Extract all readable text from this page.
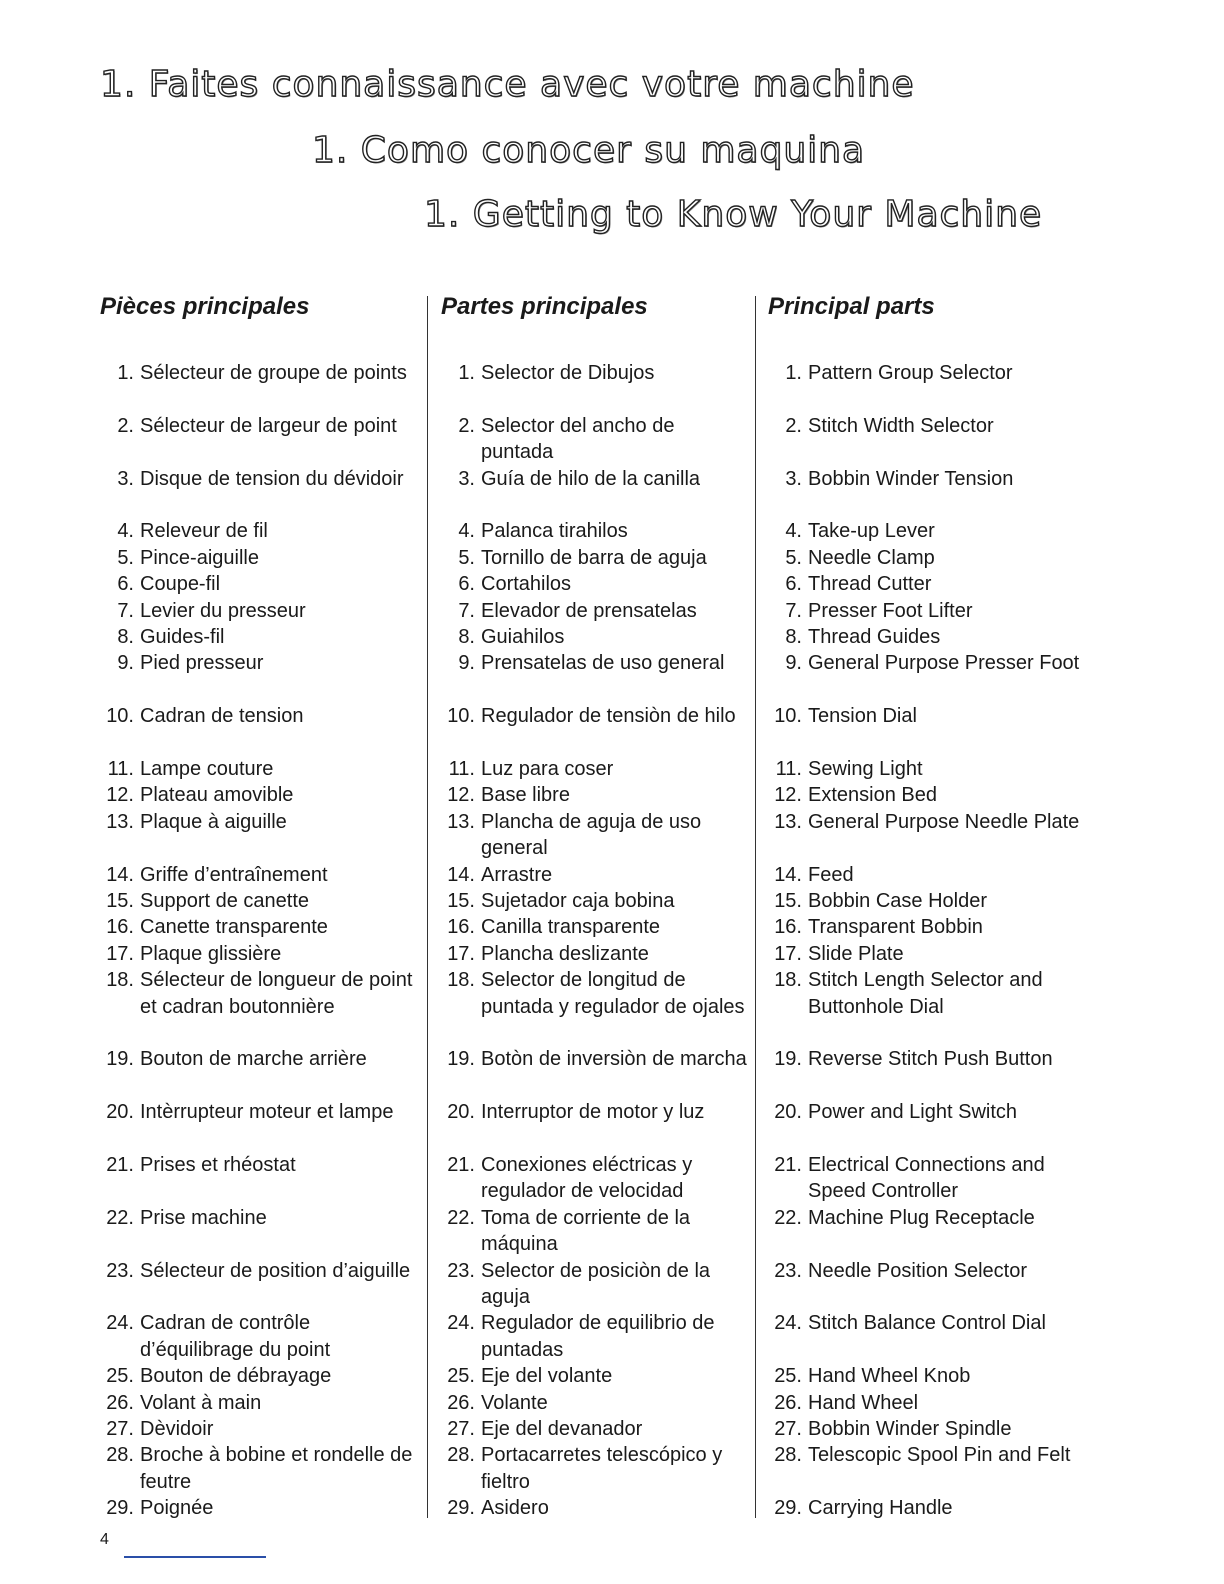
1. Faites connaissance avec votre machine
1. Como conocer su maquina
1. Getting to Know Your Machine
Pièces principales
1. Sélecteur de groupe de points
2. Sélecteur de largeur de point
3. Disque de tension du dévidoir
4. Releveur de fil
5. Pince-aiguille
6. Coupe-fil
7. Levier du presseur
8. Guides-fil
9. Pied presseur
10. Cadran de tension
11. Lampe couture
12. Plateau amovible
13. Plaque à aiguille
14. Griffe d’entraînement
15. Support de canette
16. Canette transparente
17. Plaque glissière
18. Sélecteur de longueur de point et cadran boutonnière
19. Bouton de marche arrière
20. Intèrrupteur moteur et lampe
21. Prises et rhéostat
22. Prise machine
23. Sélecteur de position d’aiguille
24. Cadran de contrôle d’équilibrage du point
25. Bouton de débrayage
26. Volant à main
27. Dèvidoir
28. Broche à bobine et rondelle de feutre
29. Poignée
Partes principales
1. Selector de Dibujos
2. Selector del ancho de puntada
3. Guía de hilo de la canilla
4. Palanca tirahilos
5. Tornillo de barra de aguja
6. Cortahilos
7. Elevador de prensatelas
8. Guiahilos
9. Prensatelas de uso general
10. Regulador de tensiòn de hilo
11. Luz para coser
12. Base libre
13. Plancha de aguja de uso general
14. Arrastre
15. Sujetador caja bobina
16. Canilla transparente
17. Plancha deslizante
18. Selector de longitud de puntada y regulador de ojales
19. Botòn de inversiòn de marcha
20. Interruptor de motor y luz
21. Conexiones eléctricas y regulador de velocidad
22. Toma de corriente de la máquina
23. Selector de posiciòn de la aguja
24. Regulador de equilibrio de puntadas
25. Eje del volante
26. Volante
27. Eje del devanador
28. Portacarretes telescópico y fieltro
29. Asidero
Principal parts
1. Pattern Group Selector
2. Stitch Width Selector
3. Bobbin Winder Tension
4. Take-up Lever
5. Needle Clamp
6. Thread Cutter
7. Presser Foot Lifter
8. Thread Guides
9. General Purpose Presser Foot
10. Tension Dial
11. Sewing Light
12. Extension Bed
13. General Purpose Needle Plate
14. Feed
15. Bobbin Case Holder
16. Transparent Bobbin
17. Slide Plate
18. Stitch Length Selector and Buttonhole Dial
19. Reverse Stitch Push Button
20. Power and Light Switch
21. Electrical Connections and Speed Controller
22. Machine Plug Receptacle
23. Needle Position Selector
24. Stitch Balance Control Dial
25. Hand Wheel Knob
26. Hand Wheel
27. Bobbin Winder Spindle
28. Telescopic Spool Pin and Felt
29. Carrying Handle
4
